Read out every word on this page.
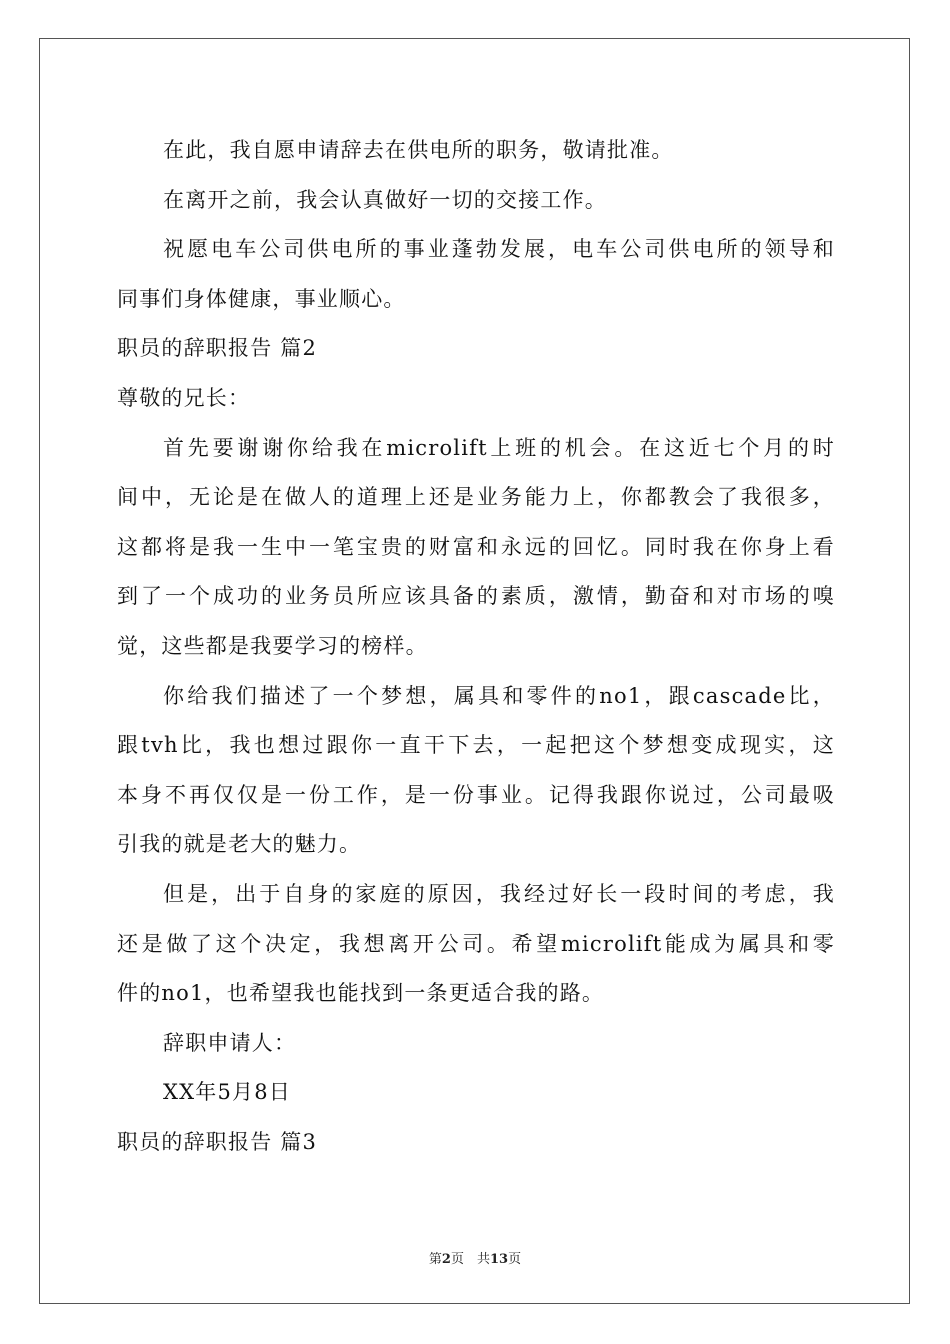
在此，我自愿申请辞去在供电所的职务，敬请批准。
在离开之前，我会认真做好一切的交接工作。
祝愿电车公司供电所的事业蓬勃发展，电车公司供电所的领导和
同事们身体健康，事业顺心。
职员的辞职报告 篇2
尊敬的兄长：
首先要谢谢你给我在microlift上班的机会。在这近七个月的时
间中，无论是在做人的道理上还是业务能力上，你都教会了我很多，
这都将是我一生中一笔宝贵的财富和永远的回忆。同时我在你身上看
到了一个成功的业务员所应该具备的素质，激情，勤奋和对市场的嗅
觉，这些都是我要学习的榜样。
你给我们描述了一个梦想，属具和零件的no1，跟cascade比，
跟tvh比，我也想过跟你一直干下去，一起把这个梦想变成现实，这
本身不再仅仅是一份工作，是一份事业。记得我跟你说过，公司最吸
引我的就是老大的魅力。
但是，出于自身的家庭的原因，我经过好长一段时间的考虑，我
还是做了这个决定，我想离开公司。希望microlift能成为属具和零
件的no1，也希望我也能找到一条更适合我的路。
辞职申请人：
XX年5月8日
职员的辞职报告 篇3
第2页　共13页
